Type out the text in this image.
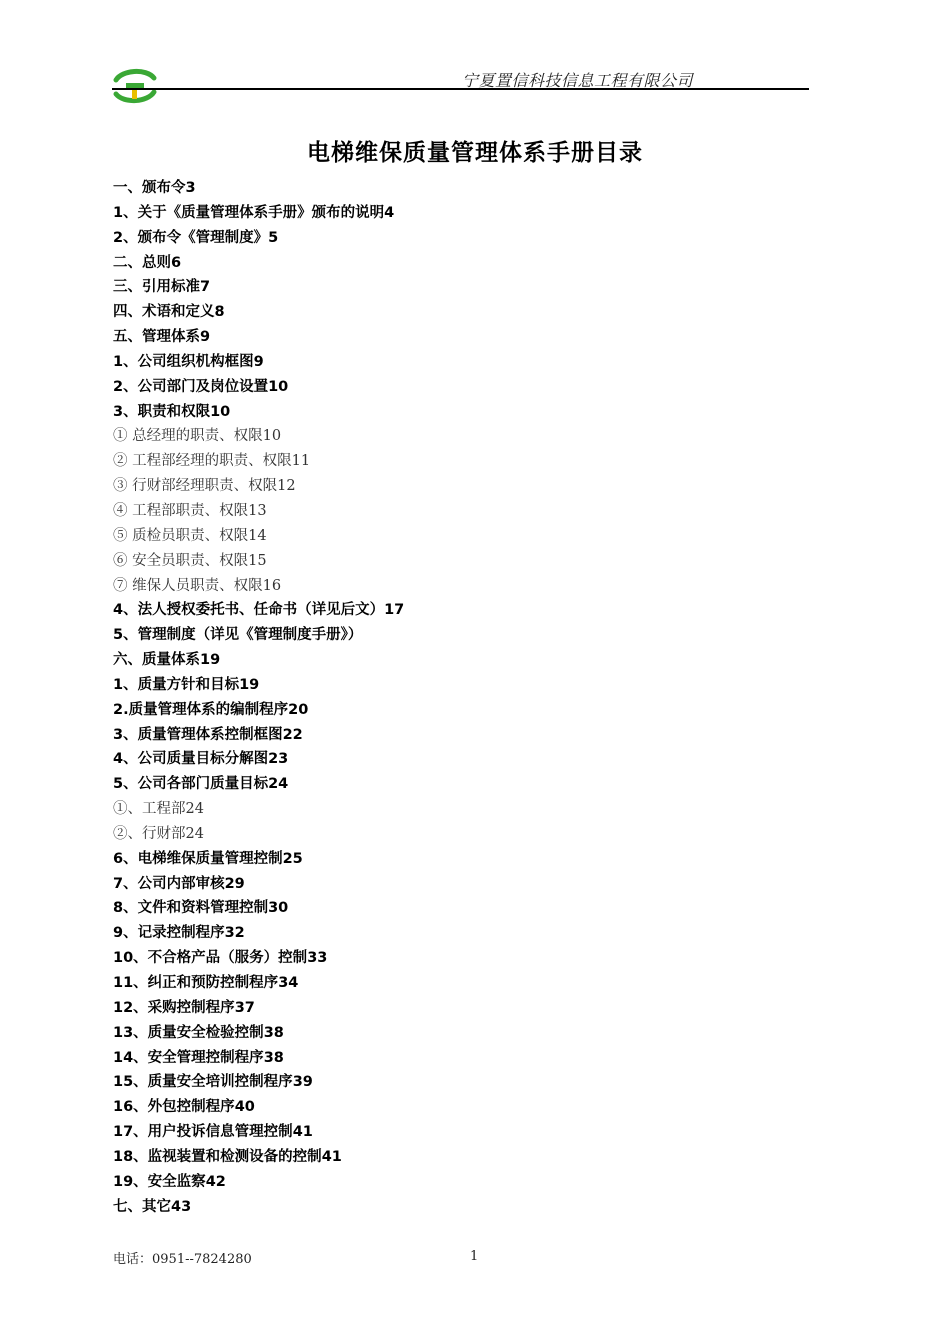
宁夏置信科技信息工程有限公司
电梯维保质量管理体系手册目录
一、颁布令3
1、关于《质量管理体系手册》颁布的说明4
2、颁布令《管理制度》5
二、总则6
三、引用标准7
四、术语和定义8
五、管理体系9
1、公司组织机构框图9
2、公司部门及岗位设置10
3、职责和权限10
① 总经理的职责、权限10
② 工程部经理的职责、权限11
③ 行财部经理职责、权限12
④ 工程部职责、权限13
⑤ 质检员职责、权限14
⑥ 安全员职责、权限15
⑦ 维保人员职责、权限16
4、法人授权委托书、任命书（详见后文）17
5、管理制度（详见《管理制度手册》）
六、质量体系19
1、质量方针和目标19
2.质量管理体系的编制程序20
3、质量管理体系控制框图22
4、公司质量目标分解图23
5、公司各部门质量目标24
①、工程部24
②、行财部24
6、电梯维保质量管理控制25
7、公司内部审核29
8、文件和资料管理控制30
9、记录控制程序32
10、不合格产品（服务）控制33
11、纠正和预防控制程序34
12、采购控制程序37
13、质量安全检验控制38
14、安全管理控制程序38
15、质量安全培训控制程序39
16、外包控制程序40
17、用户投诉信息管理控制41
18、监视装置和检测设备的控制41
19、安全监察42
七、其它43
电话：0951--7824280	1
